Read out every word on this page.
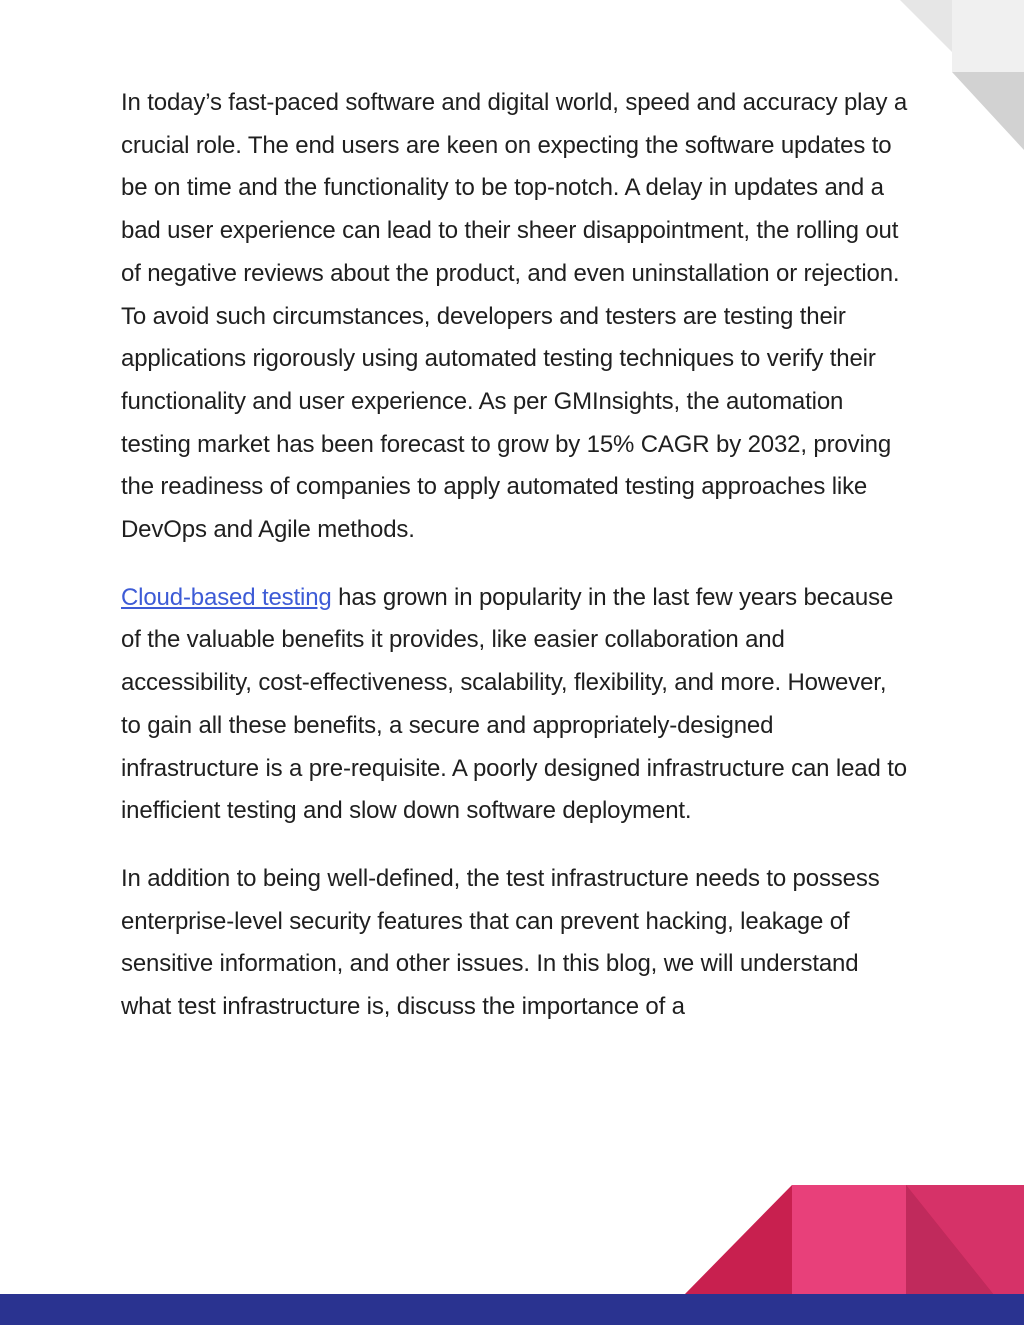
In today’s fast-paced software and digital world, speed and accuracy play a crucial role. The end users are keen on expecting the software updates to be on time and the functionality to be top-notch. A delay in updates and a bad user experience can lead to their sheer disappointment, the rolling out of negative reviews about the product, and even uninstallation or rejection. To avoid such circumstances, developers and testers are testing their applications rigorously using automated testing techniques to verify their functionality and user experience. As per GMInsights, the automation testing market has been forecast to grow by 15% CAGR by 2032, proving the readiness of companies to apply automated testing approaches like DevOps and Agile methods.

Cloud-based testing has grown in popularity in the last few years because of the valuable benefits it provides, like easier collaboration and accessibility, cost-effectiveness, scalability, flexibility, and more. However, to gain all these benefits, a secure and appropriately-designed infrastructure is a pre-requisite. A poorly designed infrastructure can lead to inefficient testing and slow down software deployment.

In addition to being well-defined, the test infrastructure needs to possess enterprise-level security features that can prevent hacking, leakage of sensitive information, and other issues. In this blog, we will understand what test infrastructure is, discuss the importance of a
